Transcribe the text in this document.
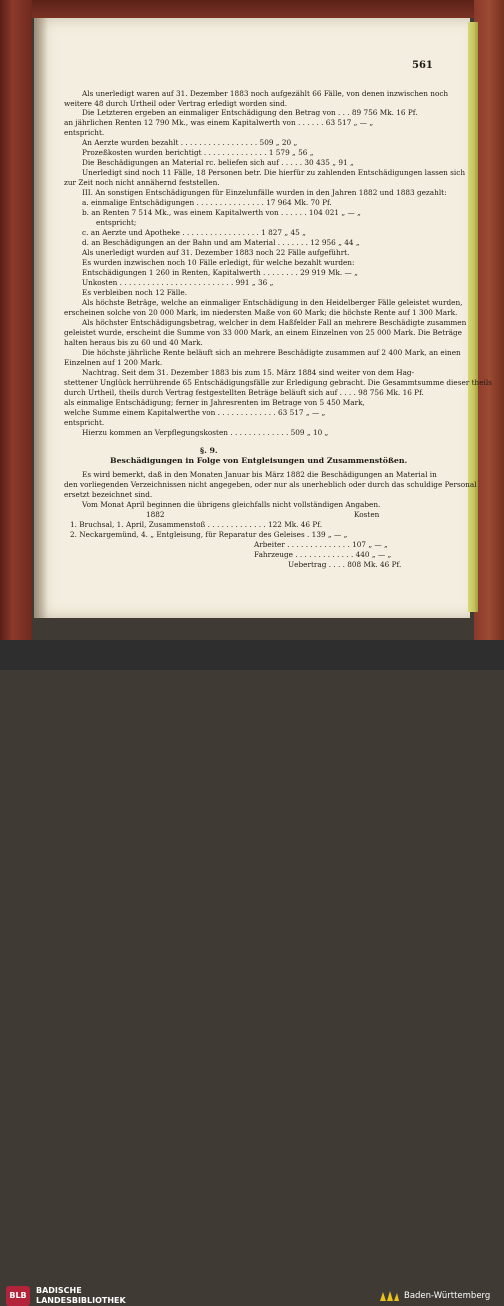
561
Als unerledigt waren auf 31. Dezember 1883 noch aufgezählt 66 Fälle, von denen inzwischen noch
weitere 48 durch Urtheil oder Vertrag erledigt worden sind.
Die Letzteren ergeben an einmaliger Entschädigung den Betrag von . . . 89 756 Mk. 16 Pf.
an jährlichen Renten 12 790 Mk., was einem Kapitalwerth von . . . . . . 63 517 „ — „
entspricht.
An Aerzte wurden bezahlt . . . . . . . . . . . . . . . . . 509 „ 20 „
Prozeßkosten wurden berichtigt . . . . . . . . . . . . . . 1 579 „ 56 „
Die Beschädigungen an Material rc. beliefen sich auf . . . . . 30 435 „ 91 „
Unerledigt sind noch 11 Fälle, 18 Personen betr. Die hierfür zu zahlenden Entschädigungen lassen sich
zur Zeit noch nicht annähernd feststellen.
III. An sonstigen Entschädigungen für Einzelunfälle wurden in den Jahren 1882 und 1883 gezahlt:
a. einmalige Entschädigungen . . . . . . . . . . . . . . . 17 964 Mk. 70 Pf.
b. an Renten 7 514 Mk., was einem Kapitalwerth von . . . . . . 104 021 „ — „
entspricht;
c. an Aerzte und Apotheke . . . . . . . . . . . . . . . . . 1 827 „ 45 „
d. an Beschädigungen an der Bahn und am Material . . . . . . . 12 956 „ 44 „
Als unerledigt wurden auf 31. Dezember 1883 noch 22 Fälle aufgeführt.
Es wurden inzwischen noch 10 Fälle erledigt, für welche bezahlt wurden:
Entschädigungen 1 260 in Renten, Kapitalwerth . . . . . . . . 29 919 Mk. — „
Unkosten . . . . . . . . . . . . . . . . . . . . . . . . . 991 „ 36 „
Es verbleiben noch 12 Fälle.
Als höchste Beträge, welche an einmaliger Entschädigung in den Heidelberger Fälle geleistet wurden,
erscheinen solche von 20 000 Mark, im niedersten Maße von 60 Mark; die höchste Rente auf 1 300 Mark.
Als höchster Entschädigungsbetrag, welcher in dem Haßfelder Fall an mehrere Beschädigte zusammen
geleistet wurde, erscheint die Summe von 33 000 Mark, an einem Einzelnen von 25 000 Mark. Die Beträge
halten heraus bis zu 60 und 40 Mark.
Die höchste jährliche Rente beläuft sich an mehrere Beschädigte zusammen auf 2 400 Mark, an einen
Einzelnen auf 1 200 Mark.
Nachtrag. Seit dem 31. Dezember 1883 bis zum 15. März 1884 sind weiter von dem Hag-
stettener Unglück herrührende 65 Entschädigungsfälle zur Erledigung gebracht. Die Gesammtsumme dieser theils
durch Urtheil, theils durch Vertrag festgestellten Beträge beläuft sich auf . . . . 98 756 Mk. 16 Pf.
als einmalige Entschädigung; ferner in Jahresrenten im Betrage von 5 450 Mark,
welche Summe einem Kapitalwerthe von . . . . . . . . . . . . . 63 517 „ — „
entspricht.
Hierzu kommen an Verpflegungskosten . . . . . . . . . . . . . 509 „ 10 „
§. 9.
Beschädigungen in Folge von Entgleisungen und Zusammenstößen.
Es wird bemerkt, daß in den Monaten Januar bis März 1882 die Beschädigungen an Material in
den vorliegenden Verzeichnissen nicht angegeben, oder nur als unerheblich oder durch das schuldige Personal
ersetzt bezeichnet sind.
Vom Monat April beginnen die übrigens gleichfalls nicht vollständigen Angaben.
1882	Kosten
1. Bruchsal, 1. April, Zusammenstoß . . . . . . . . . . . . . 122 Mk. 46 Pf.
2. Neckargemünd, 4. „ Entgleisung, für Reparatur des Geleises . 139 „ — „
Arbeiter . . . . . . . . . . . . . . 107 „ — „
Fahrzeuge . . . . . . . . . . . . . 440 „ — „
Uebertrag . . . . 808 Mk. 46 Pf.
BLB
BADISCHE
LANDESBIBLIOTHEK	Baden-Württemberg
